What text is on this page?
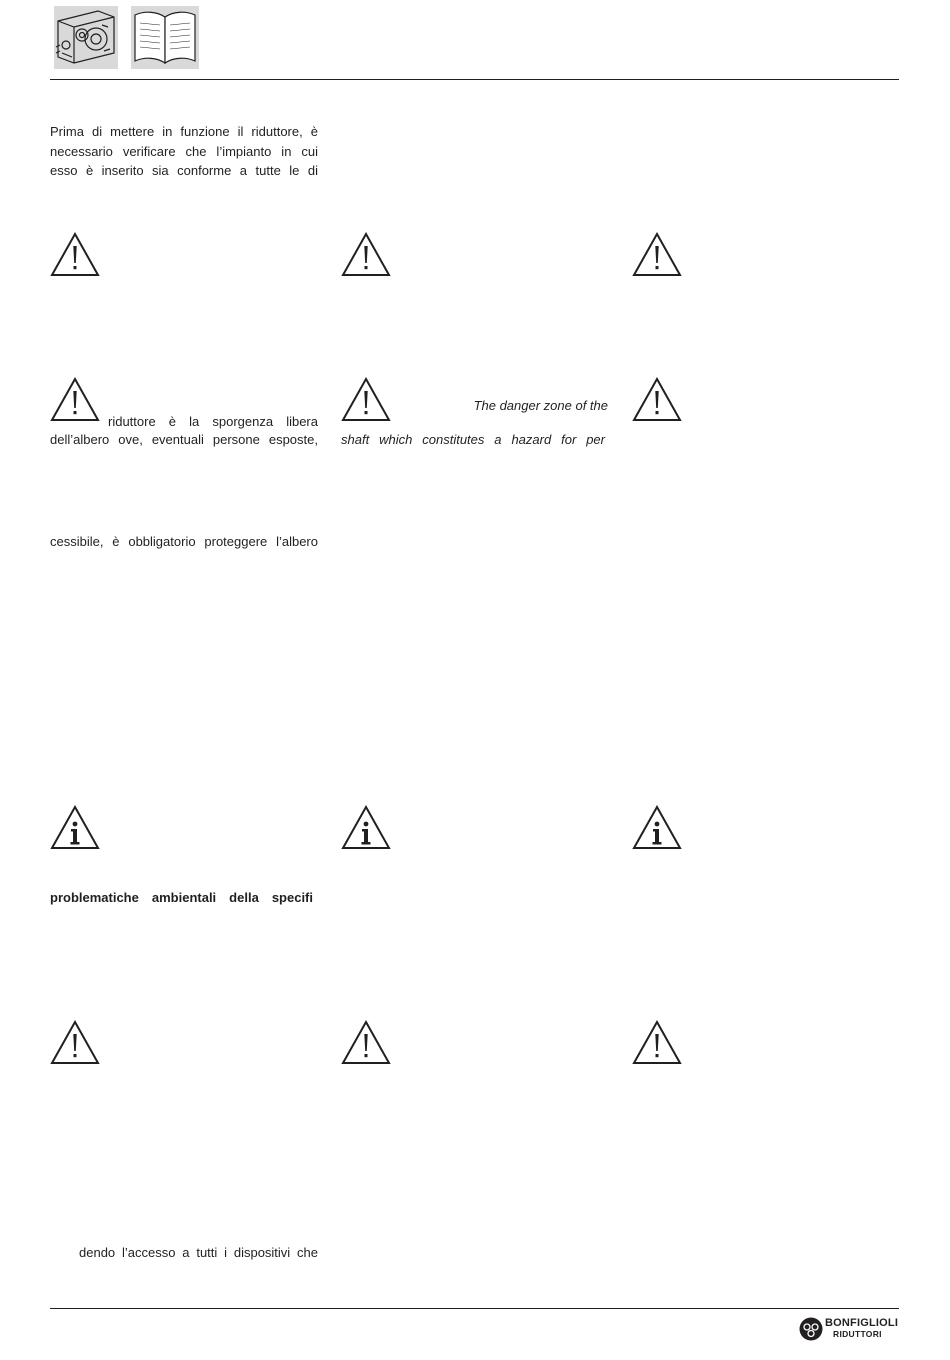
Prima di mettere in funzione il riduttore, è
necessario verificare che l’impianto in cui
esso è inserito sia conforme a tutte le di
riduttore è la sporgenza libera
dell’albero ove, eventuali persone esposte,
The danger zone of the
shaft which constitutes a hazard for per
cessibile, è obbligatorio proteggere l’albero
problematiche ambientali della specifi
dendo l’accesso a tutti i dispositivi che
BONFIGLIOLI
RIDUTTORI
